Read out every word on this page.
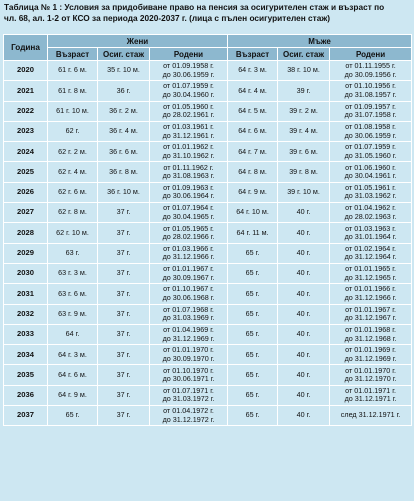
Таблица № 1 : Условия за придобиване право на пенсия за осигурителен стаж и възраст по
чл. 68, ал. 1-2 от КСО за периода 2020-2037 г. (лица с пълен осигурителен стаж)
Година	Жени			Мъже		
	Възраст	Осиг. стаж	Родени	Възраст	Осиг. стаж	Родени
2020	61 г. 6 м.	35 г. 10 м.	от 01.09.1958 г.
до 30.06.1959 г.	64 г. 3 м.	38 г. 10 м.	от 01.11.1955 г.
до 30.09.1956 г.

2021	61 г. 8 м.	36 г.	от 01.07.1959 г.
до 30.04.1960 г.	64 г. 4 м.	39 г.	от 01.10.1956 г.
до 31.08.1957 г.

2022	61 г. 10 м.	36 г. 2 м.	от 01.05.1960 г.
до 28.02.1961 г.	64 г. 5 м.	39 г. 2 м.	от 01.09.1957 г.
до 31.07.1958 г.

2023	62 г.	36 г. 4 м.	от 01.03.1961 г.
до 31.12.1961 г.	64 г. 6 м.	39 г. 4 м.	от 01.08.1958 г.
до 30.06.1959 г.

2024	62 г. 2 м.	36 г. 6 м.	от 01.01.1962 г.
до 31.10.1962 г.	64 г. 7 м.	39 г. 6 м.	от 01.07.1959 г.
до 31.05.1960 г.

2025	62 г. 4 м.	36 г. 8 м.	от 01.11.1962 г.
до 31.08.1963 г.	64 г. 8 м.	39 г. 8 м.	от 01.06.1960 г.
до 30.04.1961 г.

2026	62 г. 6 м.	36 г. 10 м.	от 01.09.1963 г.
до 30.06.1964 г.	64 г. 9 м.	39 г. 10 м.	от 01.05.1961 г.
до 31.03.1962 г.

2027	62 г. 8 м.	37 г.	от 01.07.1964 г.
до 30.04.1965 г.	64 г. 10 м.	40 г.	от 01.04.1962 г.
до 28.02.1963 г.

2028	62 г. 10 м.	37 г.	от 01.05.1965 г.
до 28.02.1966 г.	64 г. 11 м.	40 г.	от 01.03.1963 г.
до 31.01.1964 г.

2029	63 г.	37 г.	от 01.03.1966 г.
до 31.12.1966 г.	65 г.	40 г.	от 01.02.1964 г.
до 31.12.1964 г.

2030	63 г. 3 м.	37 г.	от 01.01.1967 г.
до 30.09.1967 г.	65 г.	40 г.	от 01.01.1965 г.
до 31.12.1965 г.

2031	63 г. 6 м.	37 г.	от 01.10.1967 г.
до 30.06.1968 г.	65 г.	40 г.	от 01.01.1966 г.
до 31.12.1966 г.

2032	63 г. 9 м.	37 г.	от 01.07.1968 г.
до 31.03.1969 г.	65 г.	40 г.	от 01.01.1967 г.
до 31.12.1967 г.

2033	64 г.	37 г.	от 01.04.1969 г.
до 31.12.1969 г.	65 г.	40 г.	от 01.01.1968 г.
до 31.12.1968 г.

2034	64 г. 3 м.	37 г.	от 01.01.1970 г.
до 30.09.1970 г.	65 г.	40 г.	от 01.01.1969 г.
до 31.12.1969 г.

2035	64 г. 6 м.	37 г.	от 01.10.1970 г.
до 30.06.1971 г.	65 г.	40 г.	от 01.01.1970 г.
до 31.12.1970 г.

2036	64 г. 9 м.	37 г.	от 01.07.1971 г.
до 31.03.1972 г.	65 г.	40 г.	от 01.01.1971 г.
до 31.12.1971 г.

2037	65 г.	37 г.	от 01.04.1972 г.
до 31.12.1972 г.	65 г.	40 г.	след 31.12.1971 г.
